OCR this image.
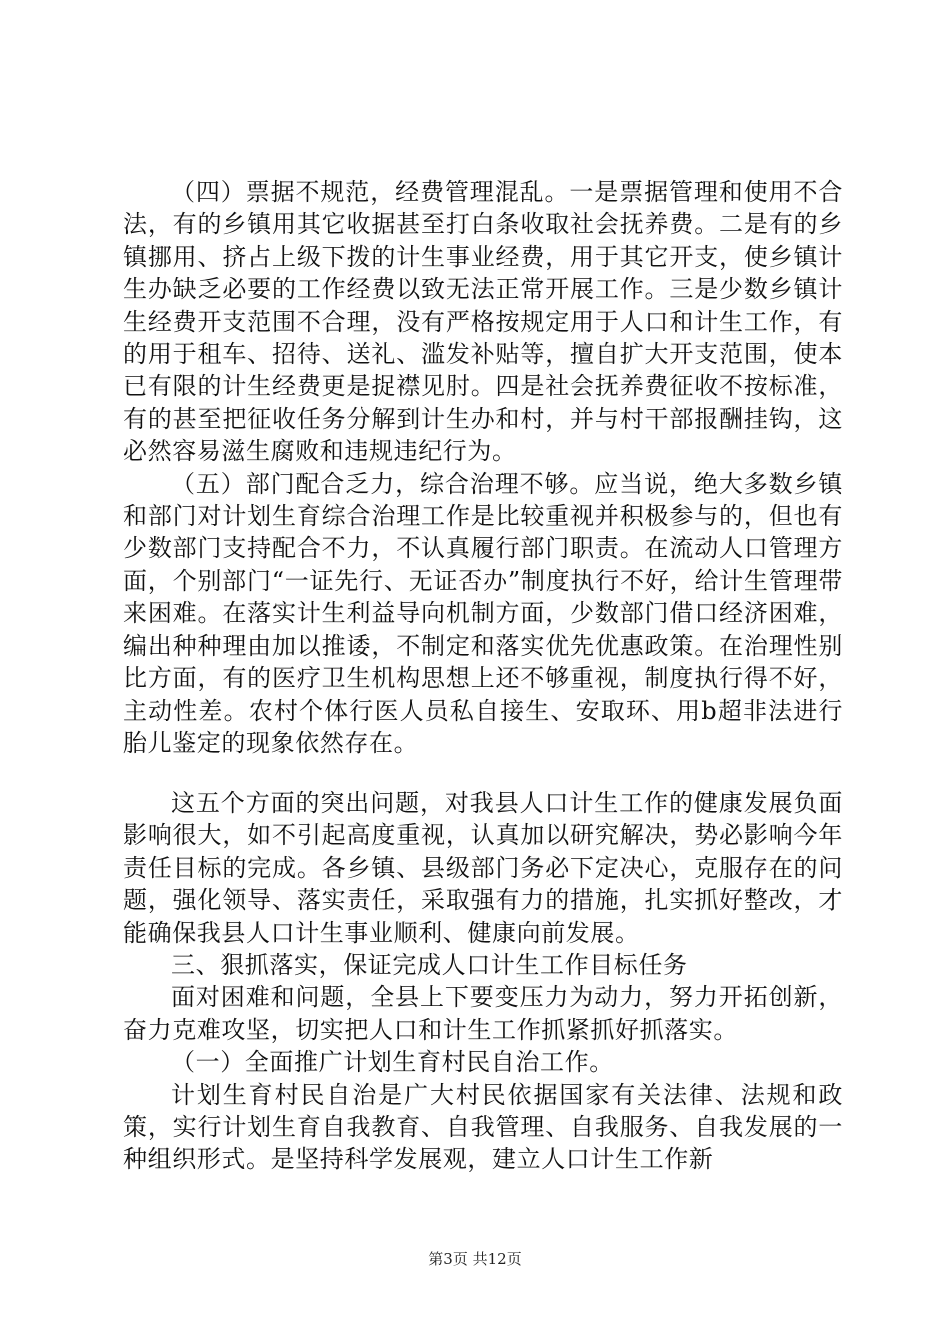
（四）票据不规范，经费管理混乱。一是票据管理和使用不合法，有的乡镇用其它收据甚至打白条收取社会抚养费。二是有的乡镇挪用、挤占上级下拨的计生事业经费，用于其它开支，使乡镇计生办缺乏必要的工作经费以致无法正常开展工作。三是少数乡镇计生经费开支范围不合理，没有严格按规定用于人口和计生工作，有的用于租车、招待、送礼、滥发补贴等，擅自扩大开支范围，使本已有限的计生经费更是捉襟见肘。四是社会抚养费征收不按标准，有的甚至把征收任务分解到计生办和村，并与村干部报酬挂钩，这必然容易滋生腐败和违规违纪行为。

（五）部门配合乏力，综合治理不够。应当说，绝大多数乡镇和部门对计划生育综合治理工作是比较重视并积极参与的，但也有少数部门支持配合不力，不认真履行部门职责。在流动人口管理方面，个别部门“一证先行、无证否办”制度执行不好，给计生管理带来困难。在落实计生利益导向机制方面，少数部门借口经济困难，编出种种理由加以推诿，不制定和落实优先优惠政策。在治理性别比方面，有的医疗卫生机构思想上还不够重视，制度执行得不好，主动性差。农村个体行医人员私自接生、安取环、用b超非法进行胎儿鉴定的现象依然存在。

这五个方面的突出问题，对我县人口计生工作的健康发展负面影响很大，如不引起高度重视，认真加以研究解决，势必影响今年责任目标的完成。各乡镇、县级部门务必下定决心，克服存在的问题，强化领导、落实责任，采取强有力的措施，扎实抓好整改，才能确保我县人口计生事业顺利、健康向前发展。

三、狠抓落实，保证完成人口计生工作目标任务

面对困难和问题，全县上下要变压力为动力，努力开拓创新，奋力克难攻坚，切实把人口和计生工作抓紧抓好抓落实。

（一）全面推广计划生育村民自治工作。

计划生育村民自治是广大村民依据国家有关法律、法规和政策，实行计划生育自我教育、自我管理、自我服务、自我发展的一种组织形式。是坚持科学发展观，建立人口计生工作新

第3页 共12页
